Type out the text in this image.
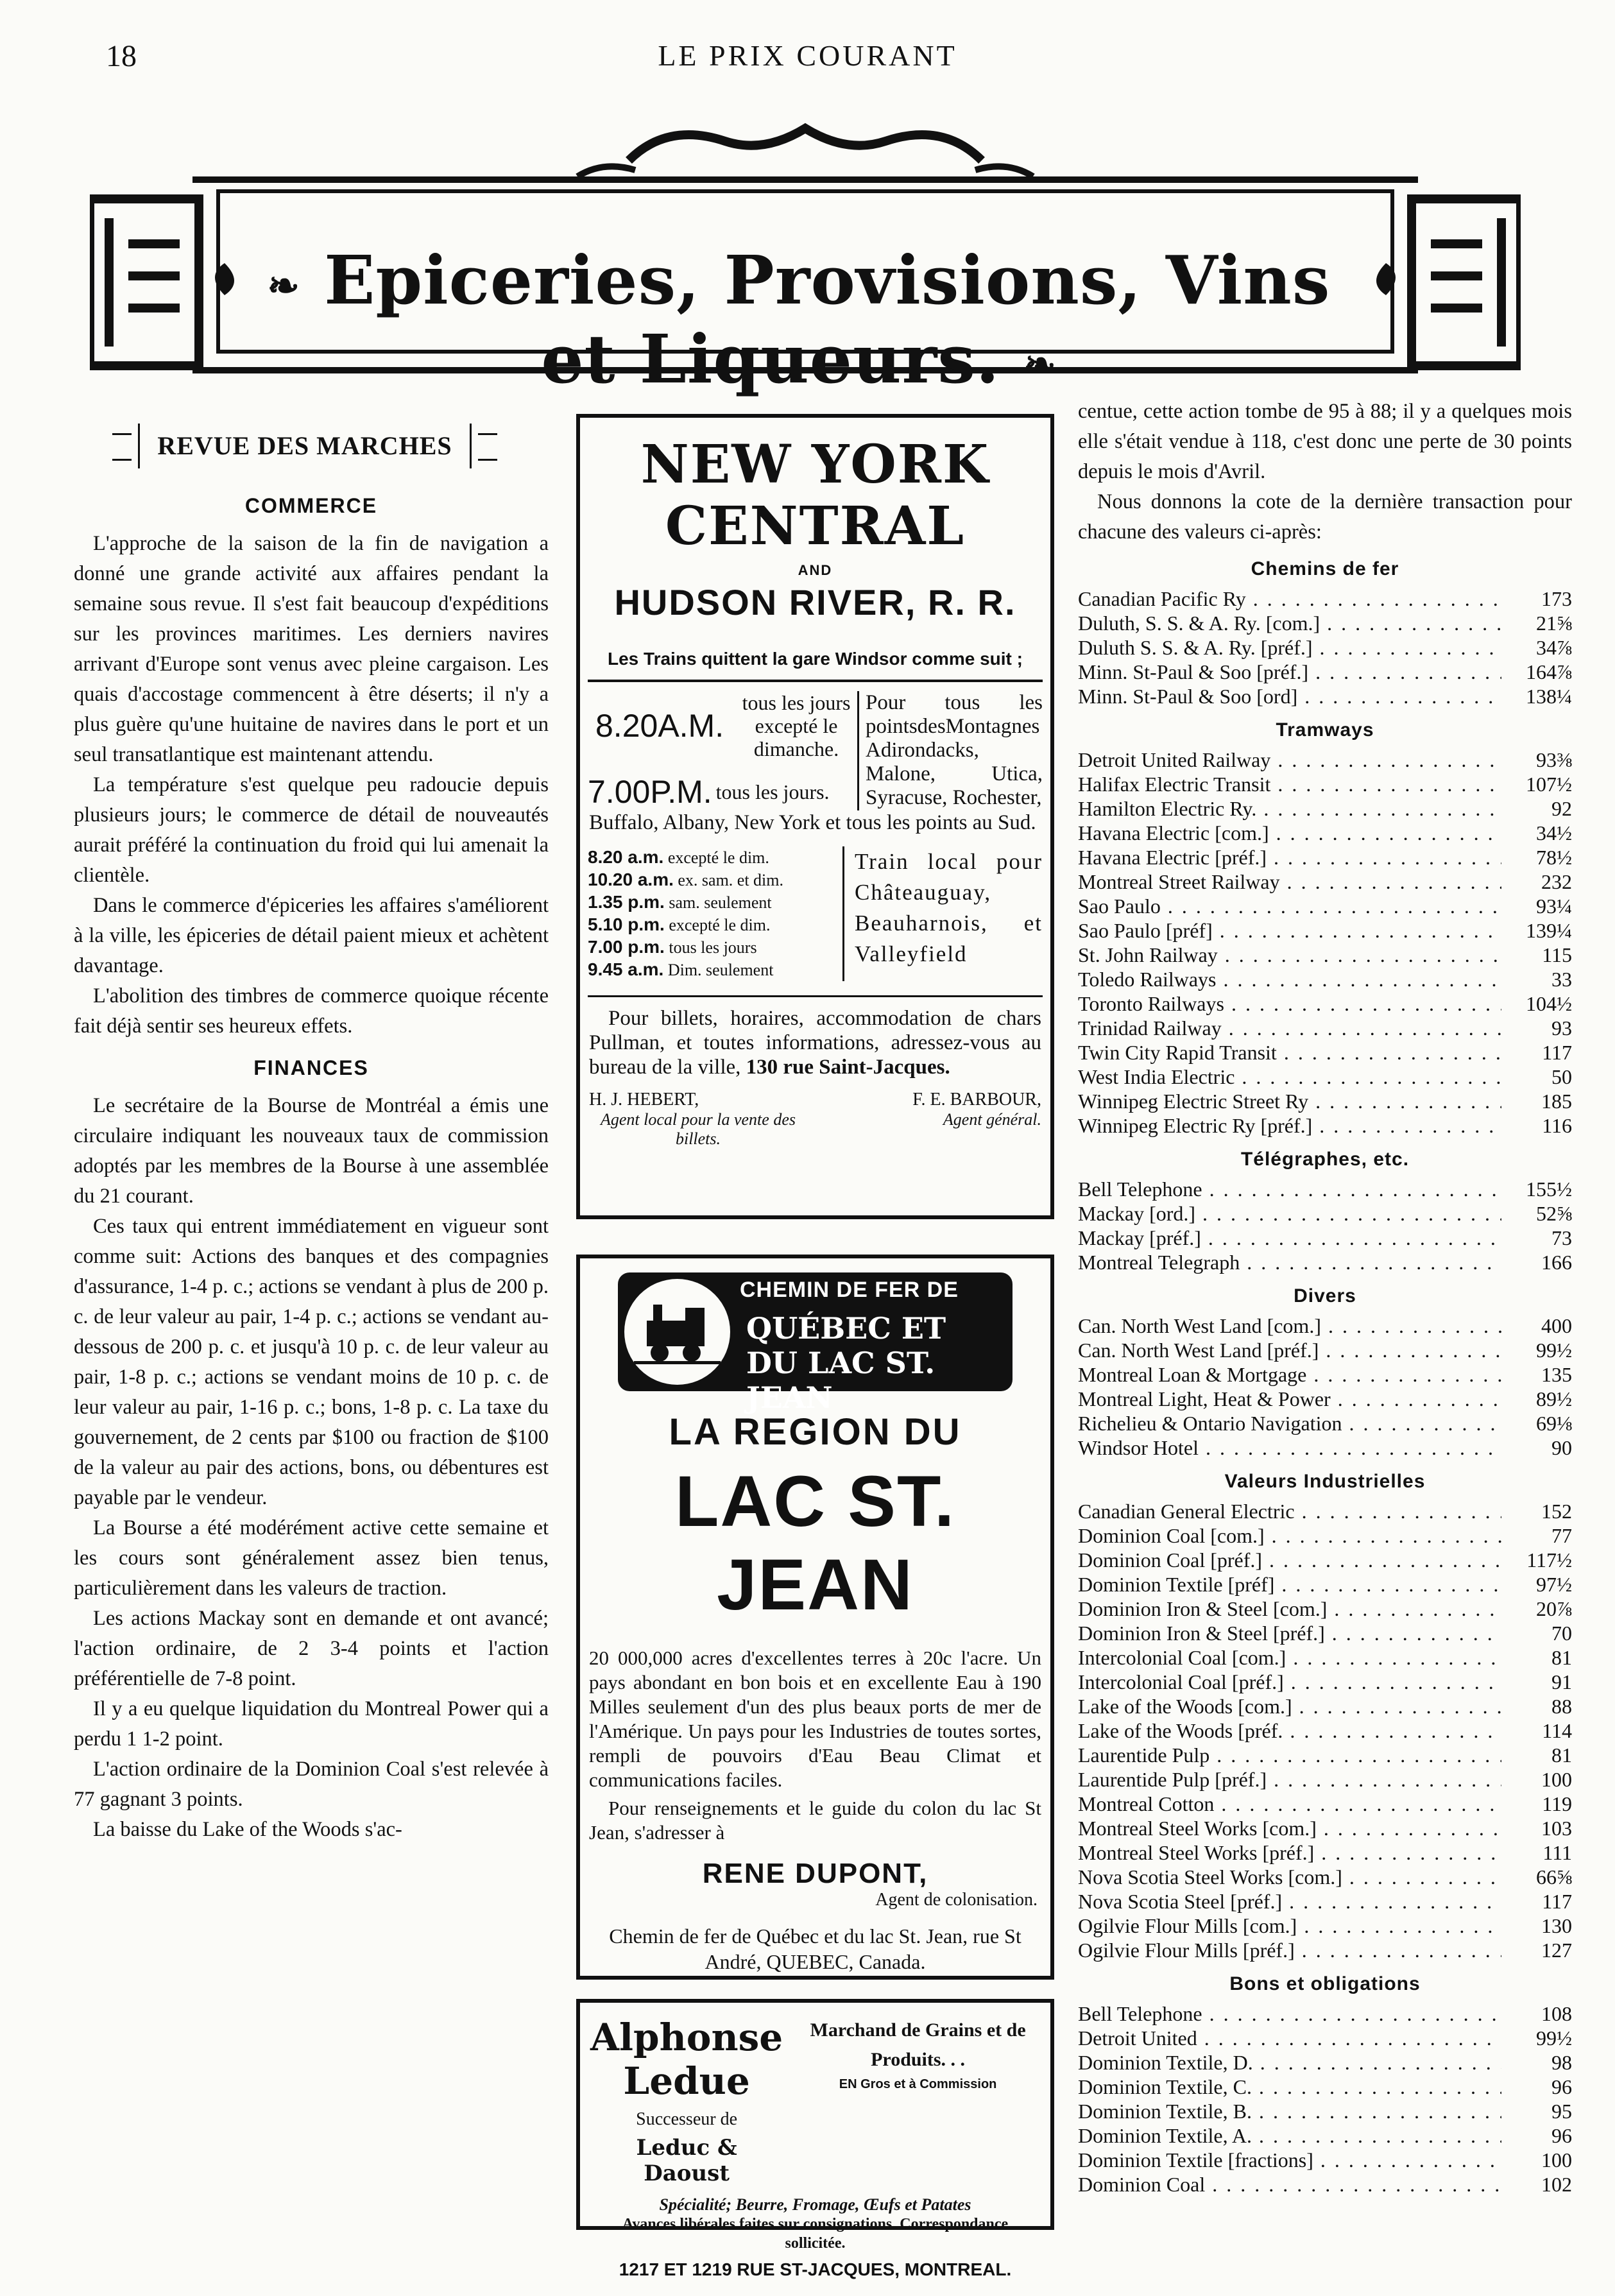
LE PRIX COURANT
18
❧ Epiceries, Provisions, Vins et Liqueurs. ❧
REVUE DES MARCHES
COMMERCE

L'approche de la saison de la fin de navigation a donné une grande activité aux affaires pendant la semaine sous revue. Il s'est fait beaucoup d'expéditions sur les provinces maritimes. Les derniers navires arrivant d'Europe sont venus avec pleine cargaison. Les quais d'accostage commencent à être déserts; il n'y a plus guère qu'une huitaine de navires dans le port et un seul transatlantique est maintenant attendu.

La température s'est quelque peu radoucie depuis plusieurs jours; le commerce de détail de nouveautés aurait préféré la continuation du froid qui lui amenait la clientèle.

Dans le commerce d'épiceries les affaires s'améliorent à la ville, les épiceries de détail paient mieux et achètent davantage.

L'abolition des timbres de commerce quoique récente fait déjà sentir ses heureux effets.

FINANCES

Le secrétaire de la Bourse de Montréal a émis une circulaire indiquant les nouveaux taux de commission adoptés par les membres de la Bourse à une assemblée du 21 courant.

Ces taux qui entrent immédiatement en vigueur sont comme suit: Actions des banques et des compagnies d'assurance, 1-4 p. c.; actions se vendant à plus de 200 p. c. de leur valeur au pair, 1-4 p. c.; actions se vendant au-dessous de 200 p. c. et jusqu'à 10 p. c. de leur valeur au pair, 1-8 p. c.; actions se vendant moins de 10 p. c. de leur valeur au pair, 1-16 p. c.; bons, 1-8 p. c. La taxe du gouvernement, de 2 cents par $100 ou fraction de $100 de la valeur au pair des actions, bons, ou débentures est payable par le vendeur.

La Bourse a été modérément active cette semaine et les cours sont généralement assez bien tenus, particulièrement dans les valeurs de traction.

Les actions Mackay sont en demande et ont avancé; l'action ordinaire, de 2 3-4 points et l'action préférentielle de 7-8 point.

Il y a eu quelque liquidation du Montreal Power qui a perdu 1 1-2 point.

L'action ordinaire de la Dominion Coal s'est relevée à 77 gagnant 3 points.

La baisse du Lake of the Woods s'ac-

NEW YORK CENTRAL
AND
HUDSON RIVER, R. R.
Les Trains quittent la gare Windsor comme suit ;
8.20A.M.
tous les jours excepté le dimanche.
7.00P.M. tous les jours.
Pour tous les pointsdesMontagnes Adirondacks, Malone, Utica, Syracuse, Rochester,
Buffalo, Albany, New York et tous les points au Sud.
8.20 a.m. excepté le dim.
10.20 a.m. ex. sam. et dim.
1.35 p.m. sam. seulement
5.10 p.m. excepté le dim.
7.00 p.m. tous les jours
9.45 a.m. Dim. seulement
Train local pour Châteauguay, Beauharnois, et Valleyfield
Pour billets, horaires, accommodation de chars Pullman, et toutes informations, adressez-vous au bureau de la ville, 130 rue Saint-Jacques.
H. J. HEBERT,	F. E. BARBOUR,
Agent local pour la vente des billets.
Agent général.
CHEMIN DE FER DE
QUÉBEC ET DU LAC ST. JEAN
LA REGION DU
LAC ST. JEAN
20 000,000 acres d'excellentes terres à 20c l'acre. Un pays abondant en bon bois et en excellente Eau à 190 Milles seulement d'un des plus beaux ports de mer de l'Amérique. Un pays pour les Industries de toutes sortes, rempli de pouvoirs d'Eau Beau Climat et communications faciles.
Pour renseignements et le guide du colon du lac St Jean, s'adresser à
RENE DUPONT,
Agent de colonisation.
Chemin de fer de Québec et du lac St. Jean, rue St André, QUEBEC, Canada.
Alphonse Ledue
Successeur de
Leduc & Daoust
Marchand de Grains et de Produits. . .
EN Gros et à Commission
Spécialité; Beurre, Fromage, Œufs et Patates
Avances libérales faites sur consignations. Correspondance sollicitée.
1217 ET 1219 RUE ST-JACQUES, MONTREAL.

centue, cette action tombe de 95 à 88; il y a quelques mois elle s'était vendue à 118, c'est donc une perte de 30 points depuis le mois d'Avril.

Nous donnons la cote de la dernière transaction pour chacune des valeurs ci-après:

Chemins de fer
Canadian Pacific Ry . . .	173
Duluth, S. S. & A. Ry. [com.] . . .	21⅝
Duluth S. S. & A. Ry. [préf.] . . .	34⅞
Minn. St-Paul & Soo [préf.] . . .	164⅞
Minn. St-Paul & Soo [ord] . . .	138¼
Tramways
Detroit United Railway . . .	93⅜
Halifax Electric Transit . . .	107½
Hamilton Electric Ry. . . .	92
Havana Electric [com.] . . .	34½
Havana Electric [préf.] . . .	78½
Montreal Street Railway . . .	232
Sao Paulo . . .	93¼
Sao Paulo [préf] . . .	139¼
St. John Railway . . .	115
Toledo Railways . . .	33
Toronto Railways . . .	104½
Trinidad Railway . . .	93
Twin City Rapid Transit . . .	117
West India Electric . . .	50
Winnipeg Electric Street Ry . . .	185
Winnipeg Electric Ry [préf.] . . .	116
Télégraphes, etc.
Bell Telephone . . .	155½
Mackay [ord.] . . .	52⅝
Mackay [préf.] . . .	73
Montreal Telegraph . . .	166
Divers
Can. North West Land [com.] . . .	400
Can. North West Land [préf.] . . .	99½
Montreal Loan & Mortgage . . .	135
Montreal Light, Heat & Power . . .	89½
Richelieu & Ontario Navigation . . .	69⅛
Windsor Hotel . . .	90
Valeurs Industrielles
Canadian General Electric . . .	152
Dominion Coal [com.] . . .	77
Dominion Coal [préf.] . . .	117½
Dominion Textile [préf] . . .	97½
Dominion Iron & Steel [com.] . . .	20⅞
Dominion Iron & Steel [préf.] . . .	70
Intercolonial Coal [com.] . . .	81
Intercolonial Coal [préf.] . . .	91
Lake of the Woods [com.] . . .	88
Lake of the Woods [préf. . . .	114
Laurentide Pulp . . .	81
Laurentide Pulp [préf.] . . .	100
Montreal Cotton . . .	119
Montreal Steel Works [com.] . . .	103
Montreal Steel Works [préf.] . . .	111
Nova Scotia Steel Works [com.] . . .	66⅝
Nova Scotia Steel [préf.] . . .	117
Ogilvie Flour Mills [com.] . . .	130
Ogilvie Flour Mills [préf.] . . .	127
Bons et obligations
Bell Telephone . . .	108
Detroit United . . .	99½
Dominion Textile, D. . . .	98
Dominion Textile, C. . . .	96
Dominion Textile, B. . . .	95
Dominion Textile, A. . . .	96
Dominion Textile [fractions] . . .	100
Dominion Coal . . .	102
